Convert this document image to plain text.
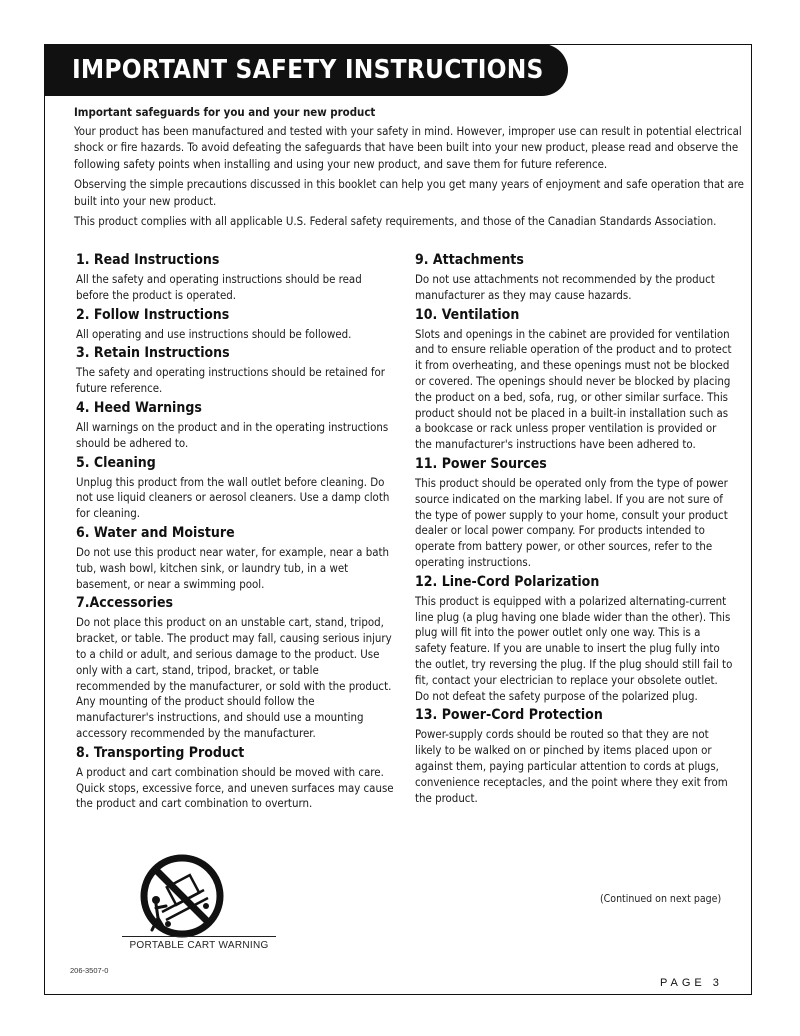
IMPORTANT SAFETY INSTRUCTIONS

Important safeguards for you and your new product

Your product has been manufactured and tested with your safety in mind. However, improper use can result in potential electrical shock or fire hazards. To avoid defeating the safeguards that have been built into your new product, please read and observe the following safety points when installing and using your new product, and save them for future reference.

Observing the simple precautions discussed in this booklet can help you get many years of enjoyment and safe operation that are built into your new product.

This product complies with all applicable U.S. Federal safety requirements, and those of the Canadian Standards Association.

1. Read Instructions

All the safety and operating instructions should be read before the product is operated.

2. Follow Instructions

All operating and use instructions should be followed.

3. Retain Instructions

The safety and operating instructions should be retained for future reference.

4. Heed Warnings

All warnings on the product and in the operating instructions should be adhered to.

5. Cleaning

Unplug this product from the wall outlet before cleaning. Do not use liquid cleaners or aerosol cleaners. Use a damp cloth for cleaning.

6. Water and Moisture

Do not use this product near water, for example, near a bath tub, wash bowl, kitchen sink, or laundry tub, in a wet basement, or near a swimming pool.

7.Accessories

Do not place this product on an unstable cart, stand, tripod, bracket, or table. The product may fall, causing serious injury to a child or adult, and serious damage to the product. Use only with a cart, stand, tripod, bracket, or table recommended by the manufacturer, or sold with the product. Any mounting of the product should follow the manufacturer's instructions, and should use a mounting accessory recommended by the manufacturer.

8. Transporting Product

A product and cart combination should be moved with care. Quick stops, excessive force, and uneven surfaces may cause the product and cart combination to overturn.

9. Attachments

Do not use attachments not recommended by the product manufacturer as they may cause hazards.

10. Ventilation

Slots and openings in the cabinet are provided for ventilation and to ensure reliable operation of the product and to protect it from overheating, and these openings must not be blocked or covered. The openings should never be blocked by placing the product on a bed, sofa, rug, or other similar surface. This product should not be placed in a built-in installation such as a bookcase or rack unless proper ventilation is provided or the manufacturer's instructions have been adhered to.

11. Power Sources

This product should be operated only from the type of power source indicated on the marking label. If you are not sure of the type of power supply to your home, consult your product dealer or local power company. For products intended to operate from battery power, or other sources, refer to the operating instructions.

12. Line-Cord Polarization

This product is equipped with a polarized alternating-current line plug (a plug having one blade wider than the other). This plug will fit into the power outlet only one way. This is a safety feature. If you are unable to insert the plug fully into the outlet, try reversing the plug. If the plug should still fail to fit, contact your electrician to replace your obsolete outlet. Do not defeat the safety purpose of the polarized plug.

13. Power-Cord Protection

Power-supply cords should be routed so that they are not likely to be walked on or pinched by items placed upon or against them, paying particular attention to cords at plugs, convenience receptacles, and the point where they exit from the product.

PORTABLE CART WARNING
(Continued on next page)
206-3507-0
PAGE 3
